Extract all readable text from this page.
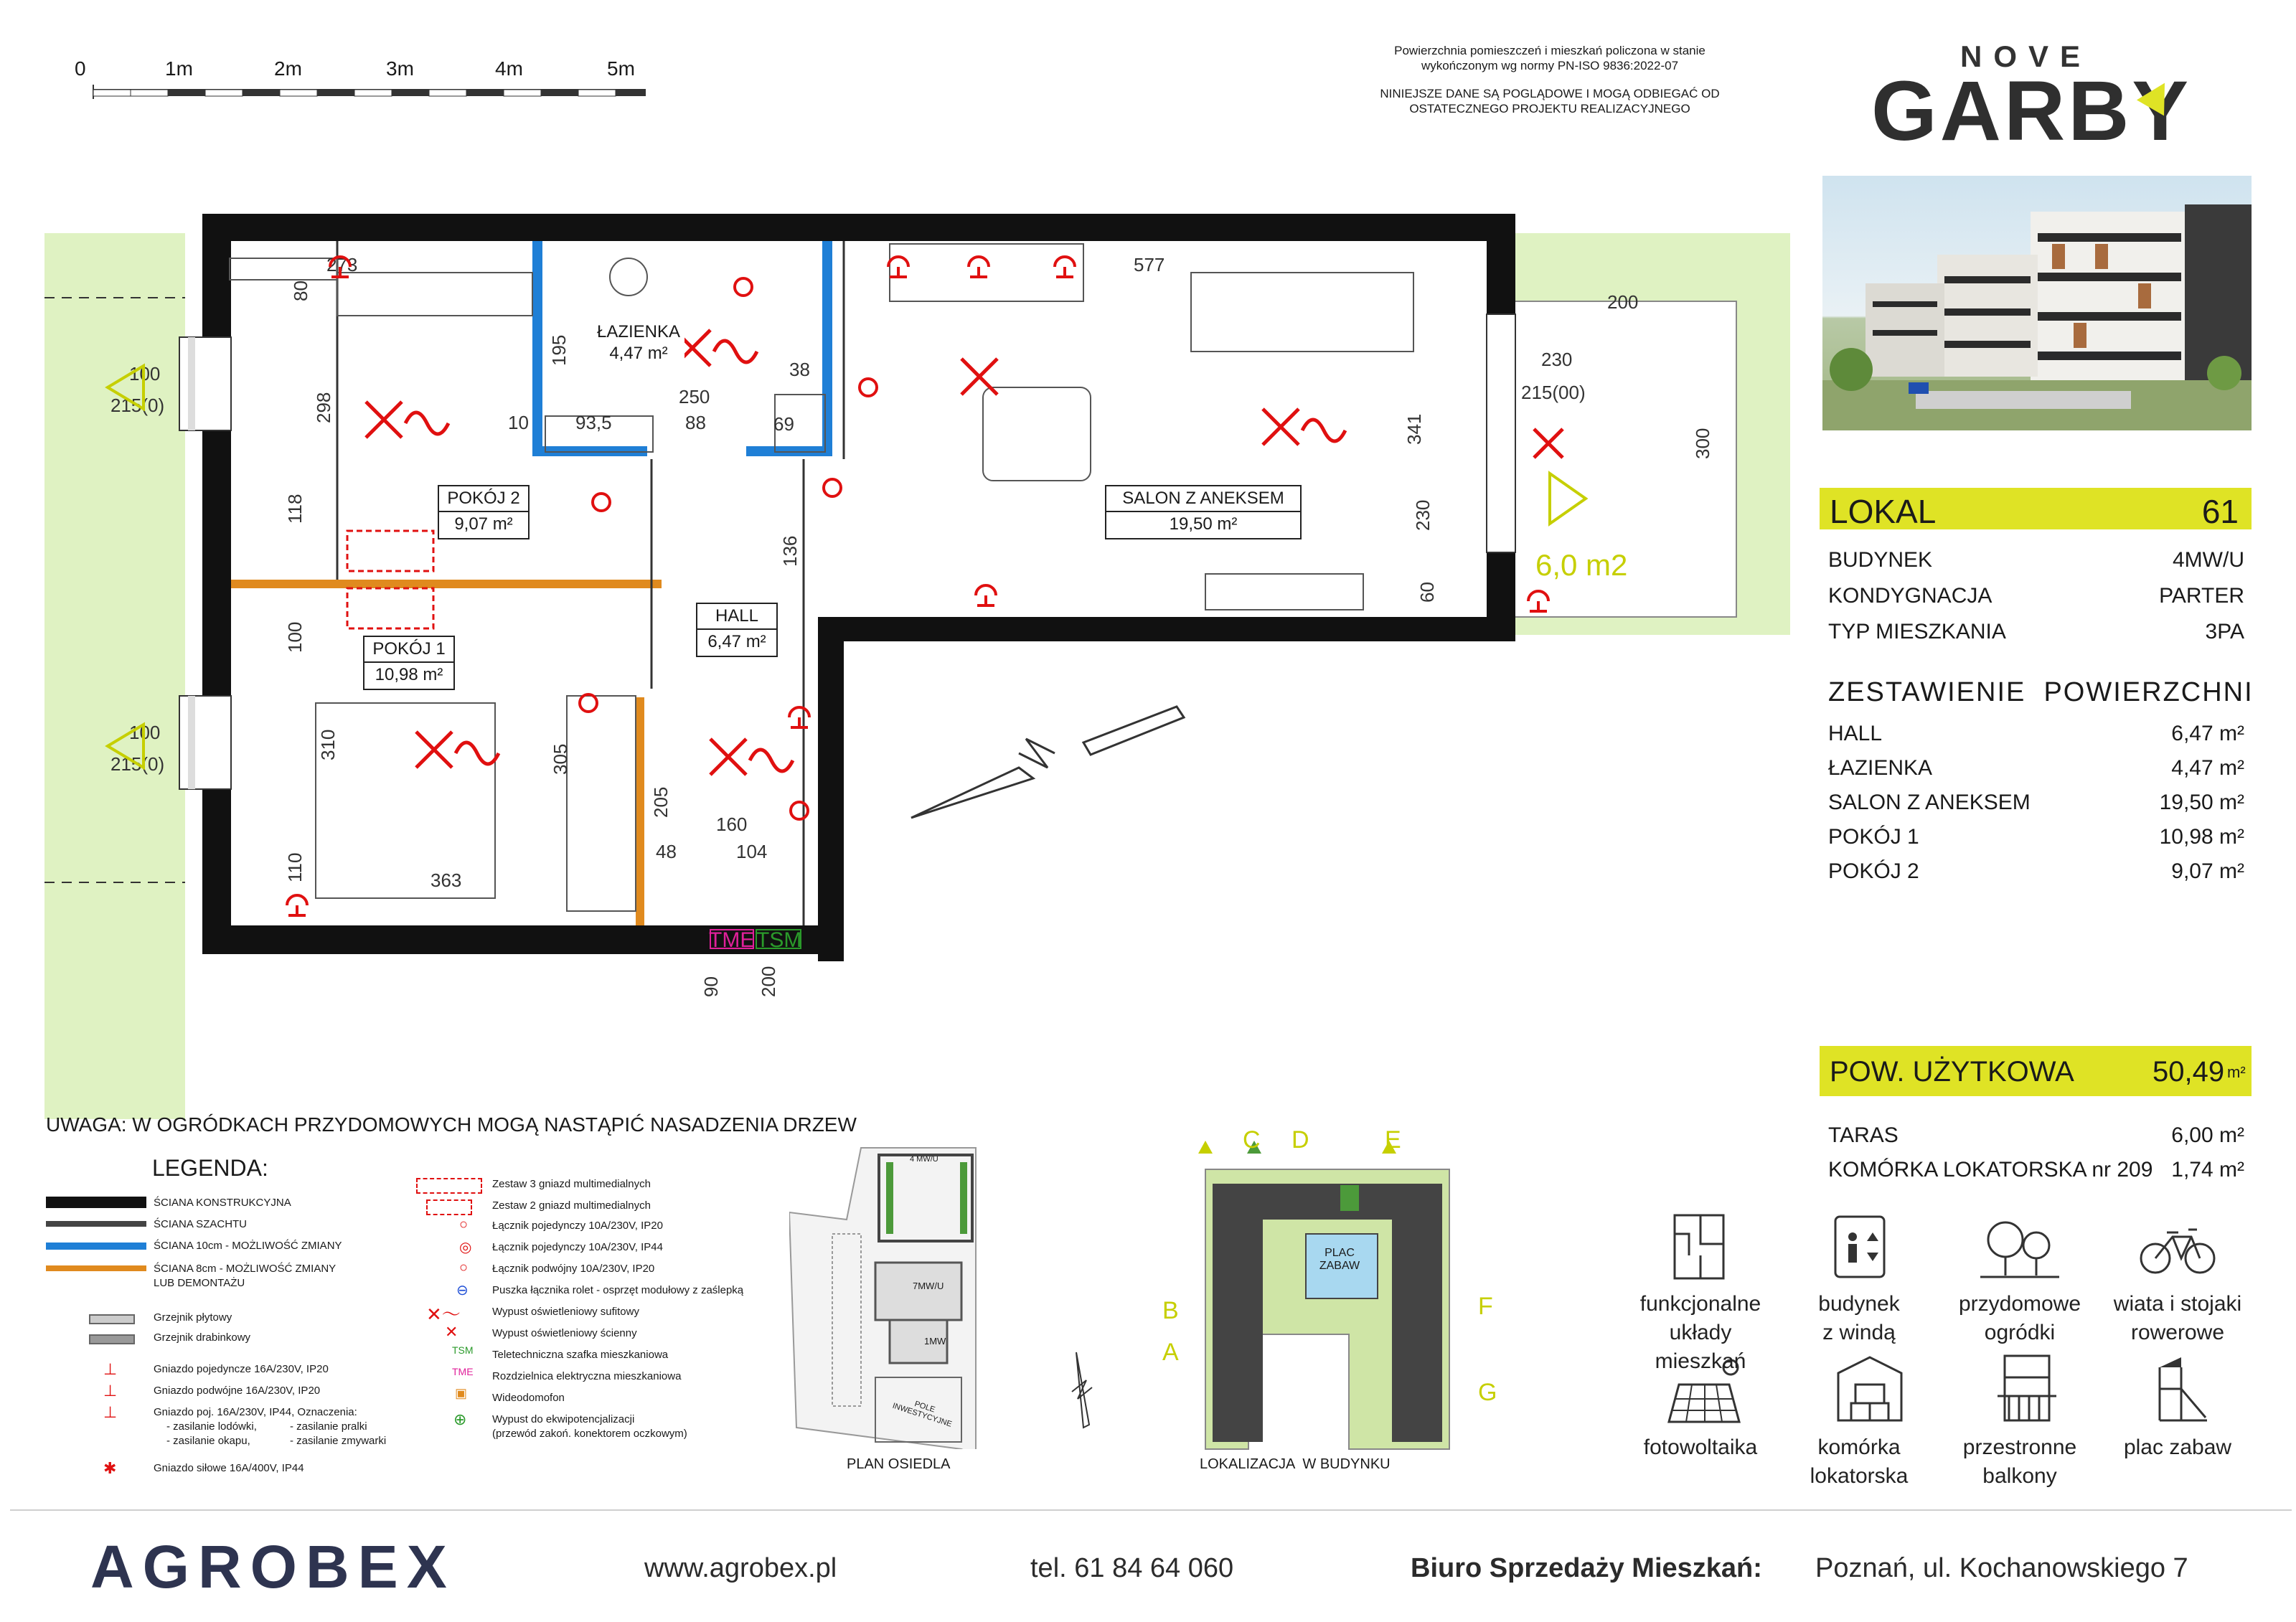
0	1m	2m	3m	4m	5m
Powierzchnia pomieszczeń i mieszkań policzona w stanie
wykończonym wg normy PN-ISO 9836:2022-07
NINIEJSZE DANE SĄ POGLĄDOWE I MOGĄ ODBIEGAĆ OD
OSTATECZNEGO PROJEKTU REALIZACYJNEGO
NOVE
GARBY
LOKAL	61
BUDYNEK	4MW/U
KONDYGNACJA	PARTER
TYP MIESZKANIA	3PA
ZESTAWIENIE  POWIERZCHNI
HALL	6,47 m²
ŁAZIENKA	4,47 m²
SALON Z ANEKSEM	19,50 m²
POKÓJ 1	10,98 m²
POKÓJ 2	9,07 m²
POW. UŻYTKOWA	50,49 m²
TARAS	6,00 m²
KOMÓRKA LOKATORSKA nr 209 1,74 m²
273	577
200
250
88
93,5	69
38
363
160
104
48
10
298
118
100
310
110
305
205
136
341
230
60
300
90 200
80
195
100
215(0)
100
215(0)
230
215(00)
6,0 m2
TME TSM
ŁAZIENKA
4,47 m²
POKÓJ 2
9,07 m²
SALON Z ANEKSEM
19,50 m²
HALL
6,47 m²
POKÓJ 1
10,98 m²
UWAGA: W OGRÓDKACH PRZYDOMOWYCH MOGĄ NASTĄPIĆ NASADZENIA DRZEW
LEGENDA:
ŚCIANA KONSTRUKCYJNA
ŚCIANA SZACHTU
ŚCIANA 10cm - MOŻLIWOŚĆ ZMIANY
ŚCIANA 8cm - MOŻLIWOŚĆ ZMIANY
LUB DEMONTAŻU
Grzejnik płytowy
Grzejnik drabinkowy
⊥	Gniazdo pojedyncze 16A/230V, IP20
⊥	Gniazdo podwójne 16A/230V, IP20
⊥	Gniazdo poj. 16A/230V, IP44, Oznaczenia:
- zasilanie lodówki,	- zasilanie pralki
- zasilanie okapu,	- zasilanie zmywarki
✱	Gniazdo siłowe 16A/400V, IP44
Zestaw 3 gniazd multimedialnych
Zestaw 2 gniazd multimedialnych
○ Łącznik pojedynczy 10A/230V, IP20
◎ Łącznik pojedynczy 10A/230V, IP44
○ Łącznik podwójny 10A/230V, IP20
⊖ Puszka łącznika rolet - osprzęt modułowy z zaślepką
✕〜	Wypust oświetleniowy sufitowy
✕	Wypust oświetleniowy ścienny
TSM Teletechniczna szafka mieszkaniowa
TME Rozdzielnica elektryczna mieszkaniowa
▣ Wideodomofon
⊕ Wypust do ekwipotencjalizacji
(przewód zakoń. konektorem oczkowym)
4 MW/U
7MW/U
1MW
POLE INWESTYCYJNE
PLAN OSIEDLA
C D	E
B
A
F
G
PLAC ZABAW
LOKALIZACJA  W BUDYNKU
funkcjonalne
układy mieszkań
budynek
z windą
przydomowe
ogródki
wiata i stojaki
rowerowe
fotowoltaika	komórka
lokatorska
przestronne
balkony
plac zabaw
AGROBEX	www.agrobex.pl	tel. 61 84 64 060	Biuro Sprzedaży Mieszkań: Poznań, ul. Kochanowskiego 7
